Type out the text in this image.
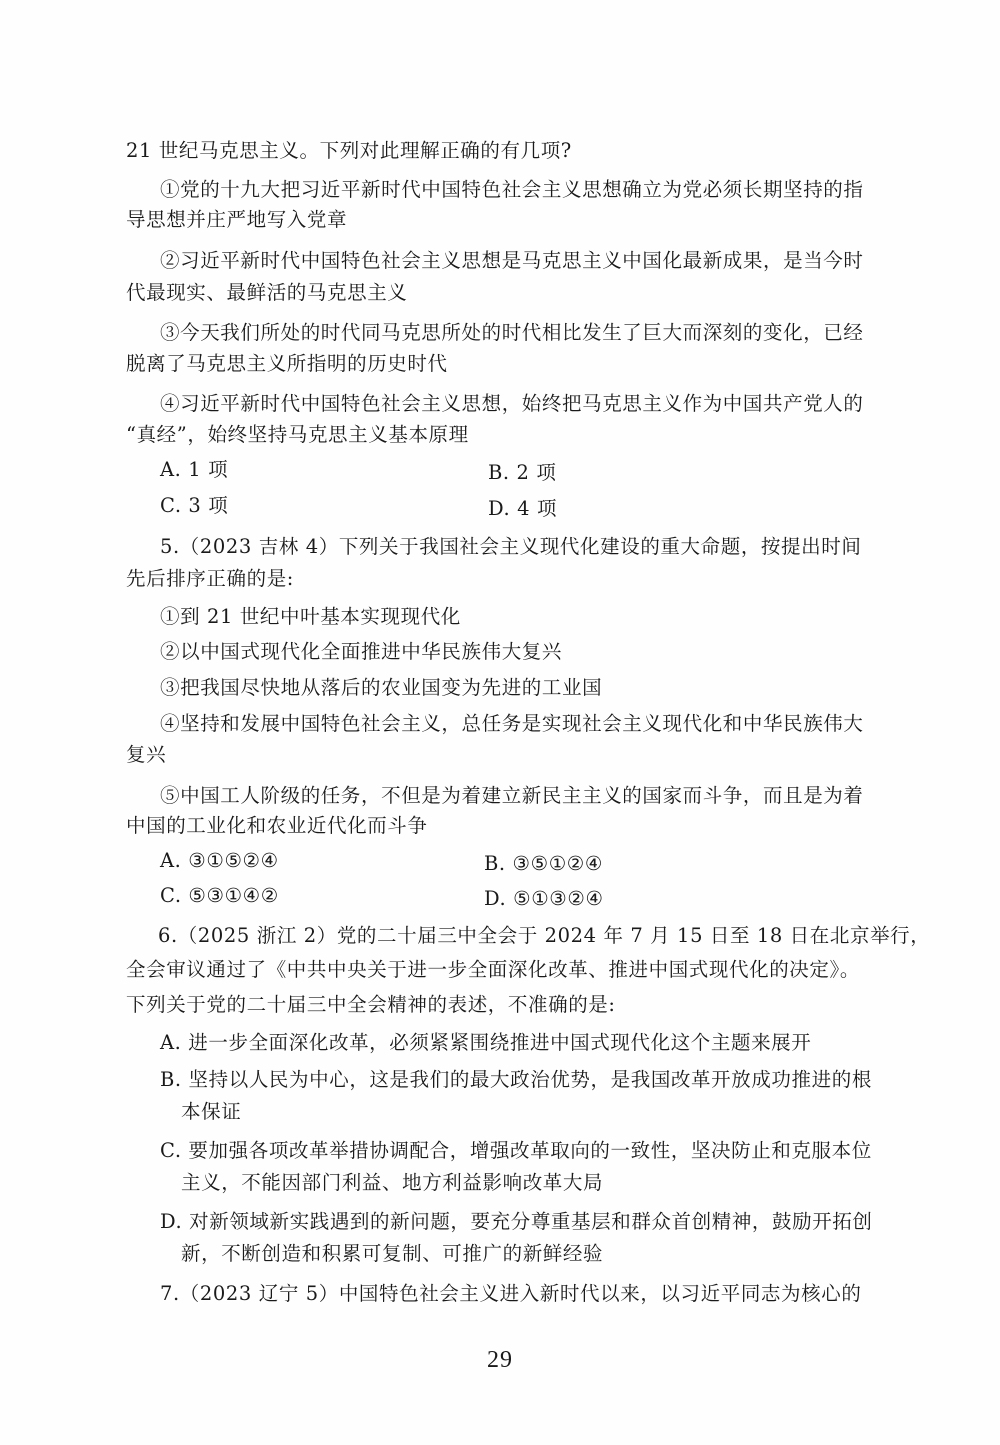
21 世纪马克思主义。下列对此理解正确的有几项?
①党的十九大把习近平新时代中国特色社会主义思想确立为党必须长期坚持的指
导思想并庄严地写入党章
②习近平新时代中国特色社会主义思想是马克思主义中国化最新成果，是当今时
代最现实、最鲜活的马克思主义
③今天我们所处的时代同马克思所处的时代相比发生了巨大而深刻的变化，已经
脱离了马克思主义所指明的历史时代
④习近平新时代中国特色社会主义思想，始终把马克思主义作为中国共产党人的
“真经”，始终坚持马克思主义基本原理
A. 1 项	B. 2 项
C. 3 项	D. 4 项
5.（2023 吉林 4）下列关于我国社会主义现代化建设的重大命题，按提出时间
先后排序正确的是:
①到 21 世纪中叶基本实现现代化
②以中国式现代化全面推进中华民族伟大复兴
③把我国尽快地从落后的农业国变为先进的工业国
④坚持和发展中国特色社会主义，总任务是实现社会主义现代化和中华民族伟大
复兴
⑤中国工人阶级的任务，不但是为着建立新民主主义的国家而斗争，而且是为着
中国的工业化和农业近代化而斗争
A. ③①⑤②④	B. ③⑤①②④
C. ⑤③①④②	D. ⑤①③②④
6.（2025 浙江 2）党的二十届三中全会于 2024 年 7 月 15 日至 18 日在北京举行，
全会审议通过了《中共中央关于进一步全面深化改革、推进中国式现代化的决定》。
下列关于党的二十届三中全会精神的表述，不准确的是:
A. 进一步全面深化改革，必须紧紧围绕推进中国式现代化这个主题来展开
B. 坚持以人民为中心，这是我们的最大政治优势，是我国改革开放成功推进的根
本保证
C. 要加强各项改革举措协调配合，增强改革取向的一致性，坚决防止和克服本位
主义，不能因部门利益、地方利益影响改革大局
D. 对新领域新实践遇到的新问题，要充分尊重基层和群众首创精神，鼓励开拓创
新，不断创造和积累可复制、可推广的新鲜经验
7.（2023 辽宁 5）中国特色社会主义进入新时代以来，以习近平同志为核心的
29
